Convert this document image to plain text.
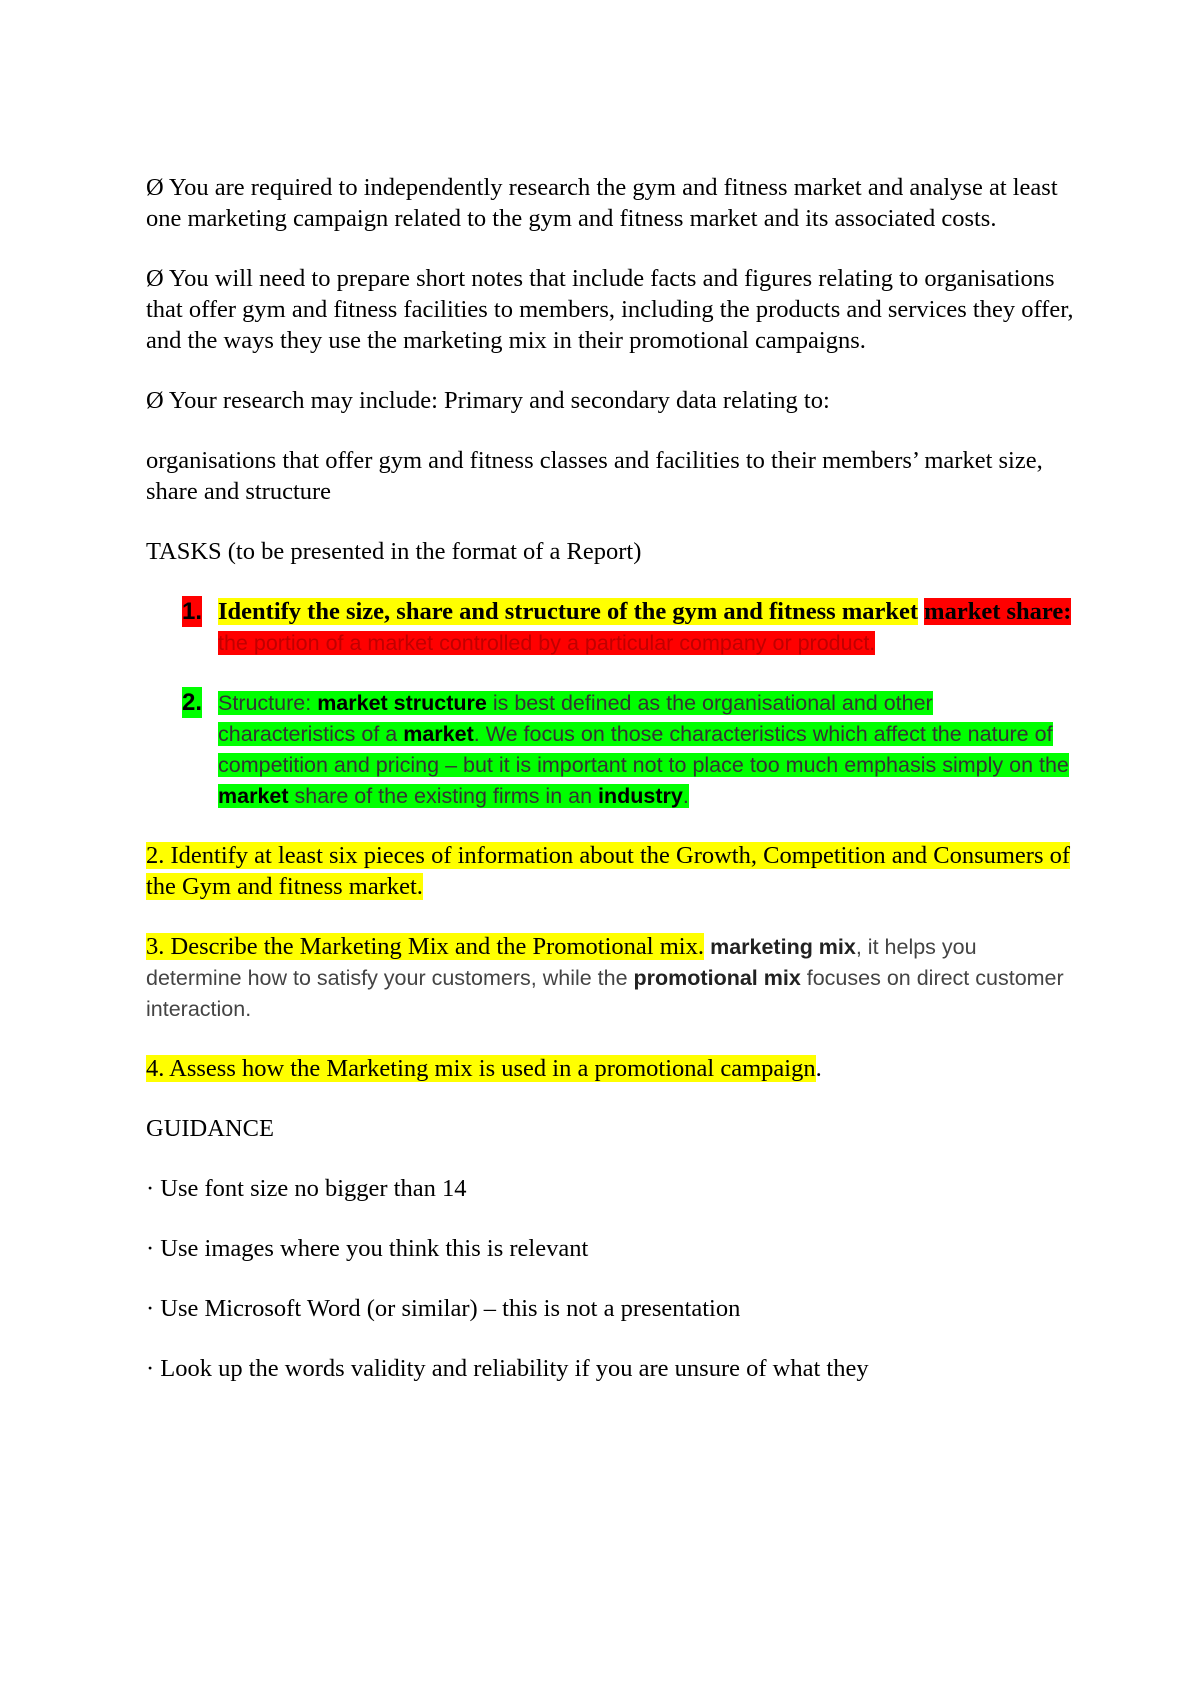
Ø You are required to independently research the gym and fitness market and analyse at least one marketing campaign related to the gym and fitness market and its associated costs.

Ø You will need to prepare short notes that include facts and figures relating to organisations that offer gym and fitness facilities to members, including the products and services they offer, and the ways they use the marketing mix in their promotional campaigns.

Ø Your research may include: Primary and secondary data relating to:

organisations that offer gym and fitness classes and facilities to their members’ market size, share and structure

TASKS (to be presented in the format of a Report)

1. Identify the size, share and structure of the gym and fitness market market share: the portion of a market controlled by a particular company or product.
2. Structure: market structure is best defined as the organisational and other characteristics of a market. We focus on those characteristics which affect the nature of competition and pricing – but it is important not to place too much emphasis simply on the market share of the existing firms in an industry.

2. Identify at least six pieces of information about the Growth, Competition and Consumers of the Gym and fitness market.

3. Describe the Marketing Mix and the Promotional mix. marketing mix, it helps you determine how to satisfy your customers, while the promotional mix focuses on direct customer interaction.

4. Assess how the Marketing mix is used in a promotional campaign.

GUIDANCE

· Use font size no bigger than 14

· Use images where you think this is relevant

· Use Microsoft Word (or similar) – this is not a presentation

· Look up the words validity and reliability if you are unsure of what they
